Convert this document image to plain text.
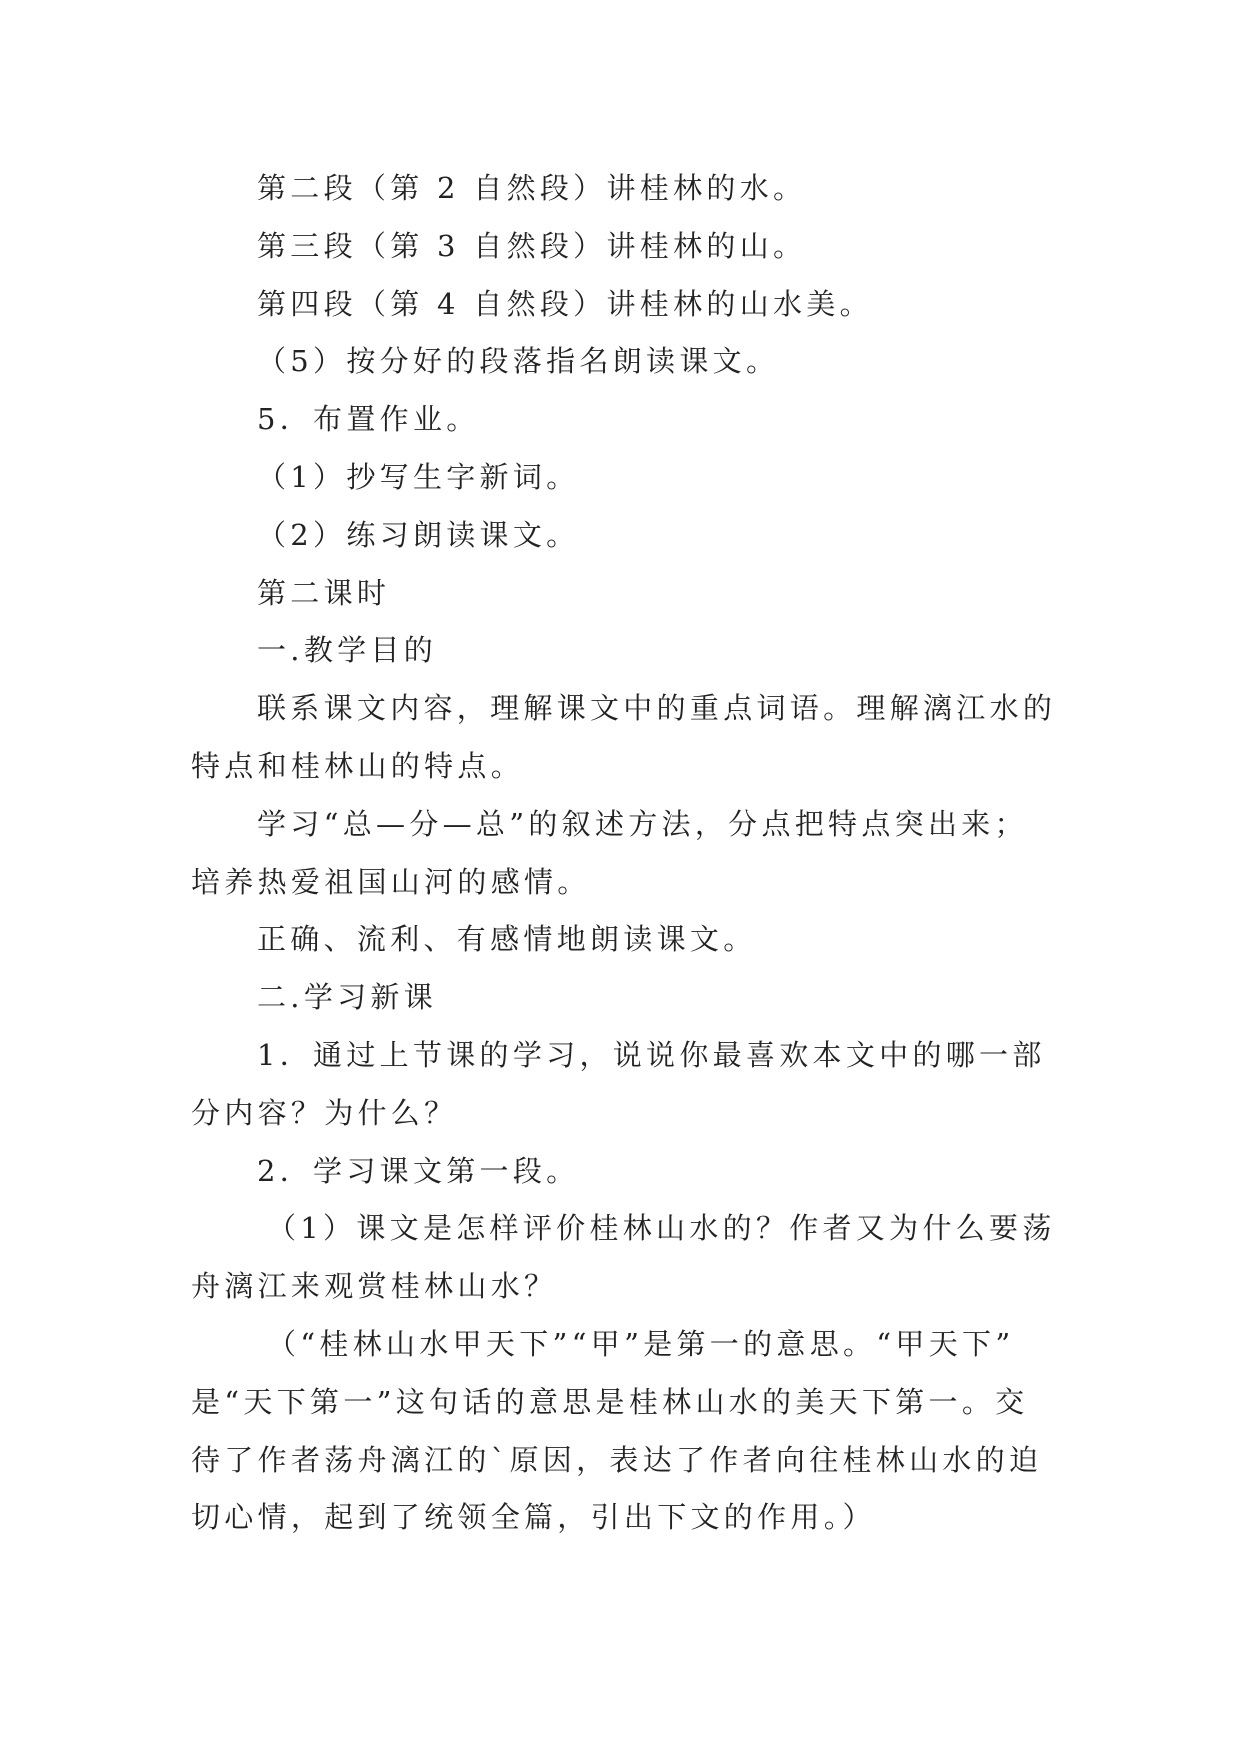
第二段（第 2 自然段）讲桂林的水。

第三段（第 3 自然段）讲桂林的山。

第四段（第 4 自然段）讲桂林的山水美。

（5）按分好的段落指名朗读课文。

5．布置作业。

（1）抄写生字新词。

（2）练习朗读课文。

第二课时

一.教学目的

联系课文内容，理解课文中的重点词语。理解漓江水的

特点和桂林山的特点。

学习“总—分—总”的叙述方法，分点把特点突出来；

培养热爱祖国山河的感情。

正确、流利、有感情地朗读课文。

二.学习新课

1．通过上节课的学习，说说你最喜欢本文中的哪一部

分内容？为什么？

2．学习课文第一段。

（1）课文是怎样评价桂林山水的？作者又为什么要荡

舟漓江来观赏桂林山水？

（“桂林山水甲天下”“甲”是第一的意思。“甲天下”

是“天下第一”这句话的意思是桂林山水的美天下第一。交

待了作者荡舟漓江的`原因，表达了作者向往桂林山水的迫

切心情，起到了统领全篇，引出下文的作用。）
